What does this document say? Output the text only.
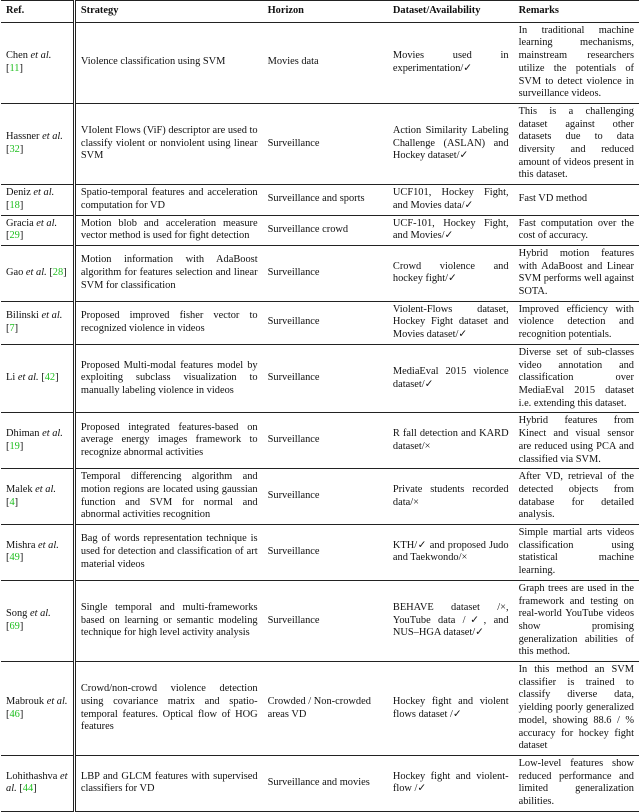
Ref.	Strategy	Horizon	Dataset/Availability	Remarks
Chen et al. [11]	Violence classification using SVM	Movies data	Movies used in experimentation/✓	In traditional machine learning mechanisms, mainstream researchers utilize the potentials of SVM to detect violence in surveillance videos.
Hassner et al. [32]	VIolent Flows (ViF) descriptor are used to classify violent or nonviolent using linear SVM	Surveillance	Action Similarity Labeling Challenge (ASLAN) and Hockey dataset/✓	This is a challenging dataset against other datasets due to data diversity and reduced amount of videos present in this dataset.
Deniz et al. [18]	Spatio-temporal features and acceleration computation for VD	Surveillance and sports	UCF101, Hockey Fight, and Movies data/✓	Fast VD method
Gracia et al. [29]	Motion blob and acceleration measure vector method is used for fight detection	Surveillance crowd	UCF-101, Hockey Fight, and Movies/✓	Fast computation over the cost of accuracy.
Gao et al. [28]	Motion information with AdaBoost algorithm for features selection and linear SVM for classification	Surveillance	Crowd violence and hockey fight/✓	Hybrid motion features with AdaBoost and Linear SVM performs well against SOTA.
Bilinski et al. [7]	Proposed improved fisher vector to recognized violence in videos	Surveillance	Violent-Flows dataset, Hockey Fight dataset and Movies dataset/✓	Improved efficiency with violence detection and recognition potentials.
Li et al. [42]	Proposed Multi-modal features model by exploiting subclass visualization to manually labeling violence in videos	Surveillance	MediaEval 2015 violence dataset/✓	Diverse set of sub-classes video annotation and classification over MediaEval 2015 dataset i.e. extending this dataset.
Dhiman et al. [19]	Proposed integrated features-based on average energy images framework to recognize abnormal activities	Surveillance	R fall detection and KARD dataset/×	Hybrid features from Kinect and visual sensor are reduced using PCA and classified via SVM.
Malek et al. [4]	Temporal differencing algorithm and motion regions are located using gaussian function and SVM for normal and abnormal activities recognition	Surveillance	Private students recorded data/×	After VD, retrieval of the detected objects from database for detailed analysis.
Mishra et al. [49]	Bag of words representation technique is used for detection and classification of art material videos	Surveillance	KTH/✓ and proposed Judo and Taekwondo/×	Simple martial arts videos classification using statistical machine learning.
Song et al. [69]	Single temporal and multi-frameworks based on learning or semantic modeling technique for high level activity analysis	Surveillance	BEHAVE dataset /×, YouTube data /✓, and NUS–HGA dataset/✓	Graph trees are used in the framework and testing on real-world YouTube videos show promising generalization abilities of this method.
Mabrouk et al. [46]	Crowd/non-crowd violence detection using covariance matrix and spatio-temporal features. Optical flow of HOG features	Crowded / Non-crowded areas VD	Hockey fight and violent flows dataset /✓	In this method an SVM classifier is trained to classify diverse data, yielding poorly generalized model, showing 88.6 / % accuracy for hockey fight dataset
Lohithashva et al. [44]	LBP and GLCM features with supervised classifiers for VD	Surveillance and movies	Hockey fight and violent-flow /✓	Low-level features show reduced performance and limited generalization abilities.
